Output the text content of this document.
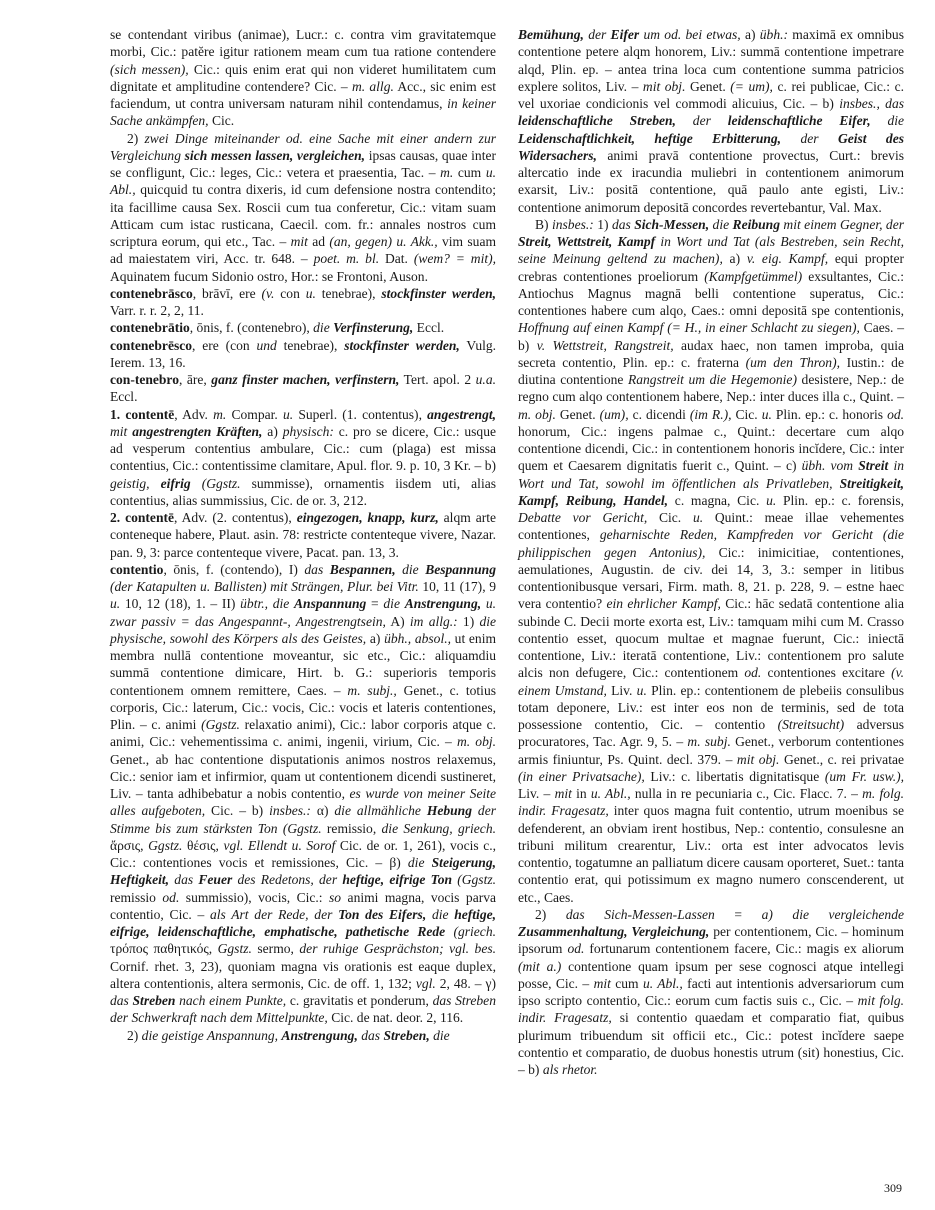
se contendant viribus (animae), Lucr.: c. contra vim gravitatemque morbi, Cic.: patĕre igitur rationem meam cum tua ratione contendere (sich messen), Cic.: quis enim erat qui non videret humilitatem cum dignitate et amplitudine contendere? Cic. – m. allg. Acc., sic enim est faciendum, ut contra universam naturam nihil contendamus, in keiner Sache ankämpfen, Cic.

2) zwei Dinge miteinander od. eine Sache mit einer andern zur Vergleichung sich messen lassen, vergleichen, ipsas causas, quae inter se confligunt, Cic.: leges, Cic.: vetera et praesentia, Tac. – m. cum u. Abl., quicquid tu contra dixeris, id cum defensione nostra contendito; ita facillime causa Sex. Roscii cum tua conferetur, Cic.: vitam suam Atticam cum istac rusticana, Caecil. com. fr.: annales nostros cum scriptura eorum, qui etc., Tac. – mit ad (an, gegen) u. Akk., vim suam ad maiestatem viri, Acc. tr. 648. – poet. m. bl. Dat. (wem? = mit), Aquinatem fucum Sidonio ostro, Hor.: se Frontoni, Auson.

contenebrāsco, brāvī, ere (v. con u. tenebrae), stockfinster werden, Varr. r. r. 2, 2, 11.

contenebrātio, ōnis, f. (contenebro), die Verfinsterung, Eccl.

contenebrēsco, ere (con und tenebrae), stockfinster werden, Vulg. Ierem. 13, 16.

con-tenebro, āre, ganz finster machen, verfinstern, Tert. apol. 2 u.a. Eccl.

1. contentē, Adv. m. Compar. u. Superl. (1. contentus), angestrengt, mit angestrengten Kräften, a) physisch: c. pro se dicere, Cic.: usque ad vesperum contentius ambulare, Cic.: cum (plaga) est missa contentius, Cic.: contentissime clamitare, Apul. flor. 9. p. 10, 3 Kr. – b) geistig, eifrig (Ggstz. summisse), ornamentis iisdem uti, alias contentius, alias summissius, Cic. de or. 3, 212.

2. contentē, Adv. (2. contentus), eingezogen, knapp, kurz, alqm arte conteneque habere, Plaut. asin. 78: restricte contenteque vivere, Nazar. pan. 9, 3: parce contenteque vivere, Pacat. pan. 13, 3.

contentio, ōnis, f. (contendo), I) das Bespannen, die Bespannung (der Katapulten u. Ballisten) mit Strängen, Plur. bei Vitr. 10, 11 (17), 9 u. 10, 12 (18), 1. – II) übtr., die Anspannung = die Anstrengung, u. zwar passiv = das Angespannt-, Angestrengtsein, A) im allg.: 1) die physische, sowohl des Körpers als des Geistes, a) übh., absol., ut enim membra nullā contentione moveantur, sic etc., Cic.: aliquamdiu summā contentione dimicare, Hirt. b. G.: superioris temporis contentionem omnem remittere, Caes. – m. subj., Genet., c. totius corporis, Cic.: laterum, Cic.: vocis, Cic.: vocis et lateris contentiones, Plin. – c. animi (Ggstz. relaxatio animi), Cic.: labor corporis atque c. animi, Cic.: vehementissima c. animi, ingenii, virium, Cic. – m. obj. Genet., ab hac contentione disputationis animos nostros relaxemus, Cic.: senior iam et infirmior, quam ut contentionem dicendi sustineret, Liv. – tanta adhibebatur a nobis contentio, es wurde von meiner Seite alles aufgeboten, Cic. – b) insbes.: α) die allmähliche Hebung der Stimme bis zum stärksten Ton (Ggstz. remissio, die Senkung, griech. ἄρσις, Ggstz. θέσις, vgl. Ellendt u. Sorof Cic. de or. 1, 261), vocis c., Cic.: contentiones vocis et remissiones, Cic. – β) die Steigerung, Heftigkeit, das Feuer des Redetons, der heftige, eifrige Ton (Ggstz. remissio od. summissio), vocis, Cic.: so animi magna, vocis parva contentio, Cic. – als Art der Rede, der Ton des Eifers, die heftige, eifrige, leidenschaftliche, emphatische, pathetische Rede (griech. τρόπος παθητικός, Ggstz. sermo, der ruhige Gesprächston; vgl. bes. Cornif. rhet. 3, 23), quoniam magna vis orationis est eaque duplex, altera contentionis, altera sermonis, Cic. de off. 1, 132; vgl. 2, 48. – γ) das Streben nach einem Punkte, c. gravitatis et ponderum, das Streben der Schwerkraft nach dem Mittelpunkte, Cic. de nat. deor. 2, 116.

2) die geistige Anspannung, Anstrengung, das Streben, die

Bemühung, der Eifer um od. bei etwas, a) übh.: maximā ex omnibus contentione petere alqm honorem, Liv.: summā contentione impetrare alqd, Plin. ep. – antea trina loca cum contentione summa patricios explere solitos, Liv. – mit obj. Genet. (= um), c. rei publicae, Cic.: c. vel uxoriae condicionis vel commodi alicuius, Cic. – b) insbes., das leidenschaftliche Streben, der leidenschaftliche Eifer, die Leidenschaftlichkeit, heftige Erbitterung, der Geist des Widersachers, animi pravā contentione provectus, Curt.: brevis altercatio inde ex iracundia muliebri in contentionem animorum exarsit, Liv.: positā contentione, quā paulo ante egisti, Liv.: contentione animorum depositā concordes revertebantur, Val. Max.

B) insbes.: 1) das Sich-Messen, die Reibung mit einem Gegner, der Streit, Wettstreit, Kampf in Wort und Tat (als Bestreben, sein Recht, seine Meinung geltend zu machen), a) v. eig. Kampf, equi propter crebras contentiones proeliorum (Kampfgetümmel) exsultantes, Cic.: Antiochus Magnus magnā belli contentione superatus, Cic.: contentiones habere cum alqo, Caes.: omni depositā spe contentionis, Hoffnung auf einen Kampf (= H., in einer Schlacht zu siegen), Caes. – b) v. Wettstreit, Rangstreit, audax haec, non tamen improba, quia secreta contentio, Plin. ep.: c. fraterna (um den Thron), Iustin.: de diutina contentione Rangstreit um die Hegemonie) desistere, Nep.: de regno cum alqo contentionem habere, Nep.: inter duces illa c., Quint. – m. obj. Genet. (um), c. dicendi (im R.), Cic. u. Plin. ep.: c. honoris od. honorum, Cic.: ingens palmae c., Quint.: decertare cum alqo contentione dicendi, Cic.: in contentionem honoris incĭdere, Cic.: inter quem et Caesarem dignitatis fuerit c., Quint. – c) übh. vom Streit in Wort und Tat, sowohl im öffentlichen als Privatleben, Streitigkeit, Kampf, Reibung, Handel, c. magna, Cic. u. Plin. ep.: c. forensis, Debatte vor Gericht, Cic. u. Quint.: meae illae vehementes contentiones, geharnischte Reden, Kampfreden vor Gericht (die philippischen gegen Antonius), Cic.: inimicitiae, contentiones, aemulationes, Augustin. de civ. dei 14, 3, 3.: semper in litibus contentionibusque versari, Firm. math. 8, 21. p. 228, 9. – estne haec vera contentio? ein ehrlicher Kampf, Cic.: hāc sedatā contentione alia subinde C. Decii morte exorta est, Liv.: tamquam mihi cum M. Crasso contentio esset, quocum multae et magnae fuerunt, Cic.: iniectā contentione, Liv.: iteratā contentione, Liv.: contentionem pro salute alcis non defugere, Cic.: contentionem od. contentiones excitare (v. einem Umstand, Liv. u. Plin. ep.: contentionem de plebeiis consulibus totam deponere, Liv.: est inter eos non de terminis, sed de tota possessione contentio, Cic. – contentio (Streitsucht) adversus procuratores, Tac. Agr. 9, 5. – m. subj. Genet., verborum contentiones armis finiuntur, Ps. Quint. decl. 379. – mit obj. Genet., c. rei privatae (in einer Privatsache), Liv.: c. libertatis dignitatisque (um Fr. usw.), Liv. – mit in u. Abl., nulla in re pecuniaria c., Cic. Flacc. 7. – m. folg. indir. Fragesatz, inter quos magna fuit contentio, utrum moenibus se defenderent, an obviam irent hostibus, Nep.: contentio, consulesne an tribuni militum crearentur, Liv.: orta est inter advocatos levis contentio, togatumne an palliatum dicere causam oporteret, Suet.: tanta contentio erat, qui potissimum ex magno numero conscenderent, ut etc., Caes.

2) das Sich-Messen-Lassen = a) die vergleichende Zusammenhaltung, Vergleichung, per contentionem, Cic. – hominum ipsorum od. fortunarum contentionem facere, Cic.: magis ex aliorum (mit a.) contentione quam ipsum per sese cognosci atque intellegi posse, Cic. – mit cum u. Abl., facti aut intentionis adversariorum cum ipso scripto contentio, Cic.: eorum cum factis suis c., Cic. – mit folg. indir. Fragesatz, si contentio quaedam et comparatio fiat, quibus plurimum tribuendum sit officii etc., Cic.: potest incĭdere saepe contentio et comparatio, de duobus honestis utrum (sit) honestius, Cic. – b) als rhetor.

309
